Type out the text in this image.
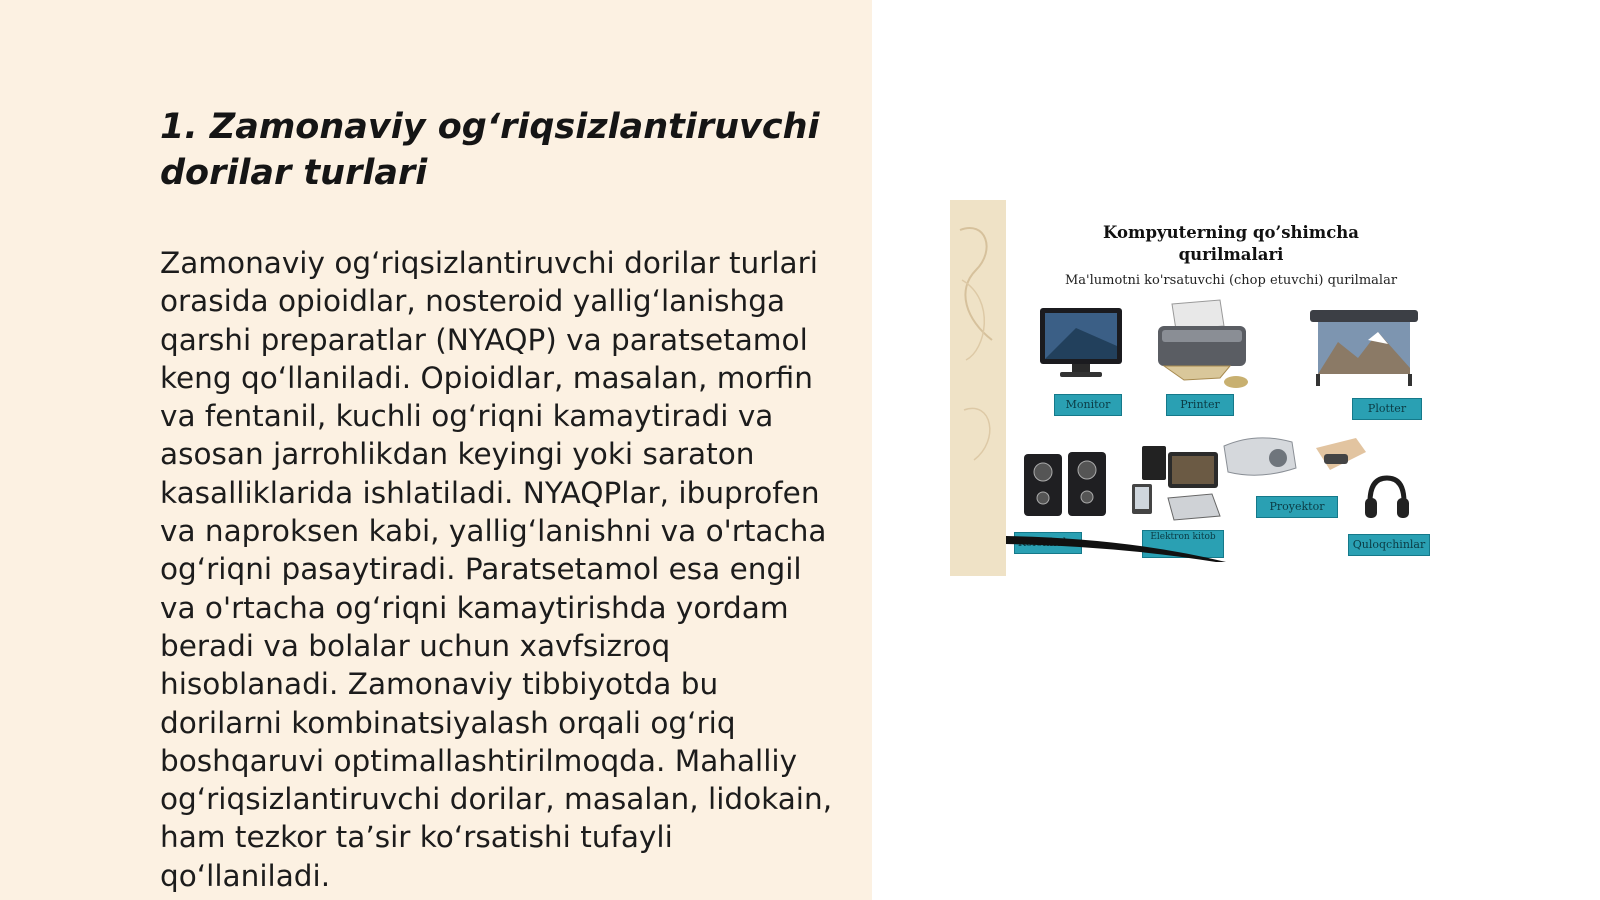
1. Zamonaviy og‘riqsizlantiruvchi
dorilar turlari

Zamonaviy og‘riqsizlantiruvchi dorilar turlari
orasida opioidlar, nosteroid yallig‘lanishga
qarshi preparatlar (NYAQP) va paratsetamol
keng qo‘llaniladi. Opioidlar, masalan, morfin
va fentanil, kuchli og‘riqni kamaytiradi va
asosan jarrohlikdan keyingi yoki saraton
kasalliklarida ishlatiladi. NYAQPlar, ibuprofen
va naproksen kabi, yallig‘lanishni va o'rtacha
og‘riqni pasaytiradi. Paratsetamol esa engil
va o'rtacha og‘riqni kamaytirishda yordam
beradi va bolalar uchun xavfsizroq
hisoblanadi. Zamonaviy tibbiyotda bu
dorilarni kombinatsiyalash orqali og‘riq
boshqaruvi optimallashtirilmoqda. Mahalliy
og‘riqsizlantiruvchi dorilar, masalan, lidokain,
ham tezkor ta’sir ko‘rsatishi tufayli
qo‘llaniladi.

Kompyuterning qo’shimcha
qurilmalari
Ma'lumotni ko'rsatuvchi (chop etuvchi) qurilmalar
Monitor	Printer	Plotter
Elektron kitob
Proyektor
Quloqchinlar
